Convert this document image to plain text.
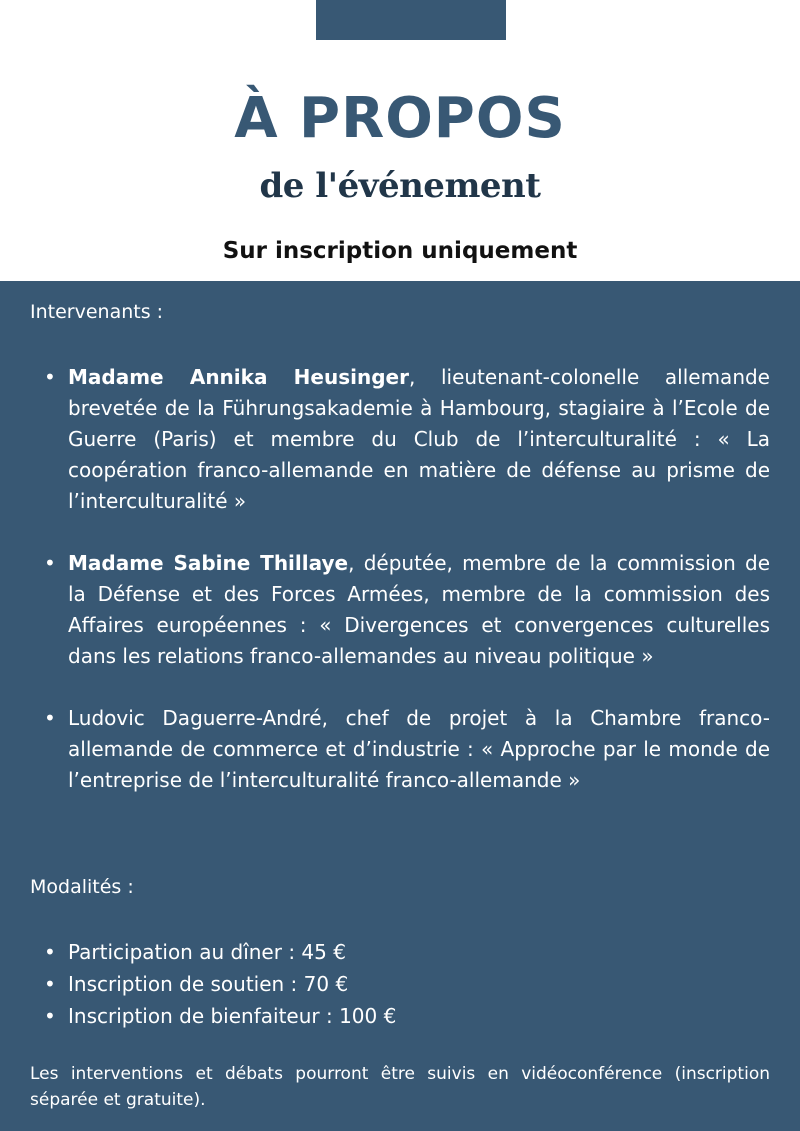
À PROPOS
de l'événement

Sur inscription uniquement

Intervenants :

• Madame Annika Heusinger, lieutenant-colonelle allemande brevetée de la Führungsakademie à Hambourg, stagiaire à l’Ecole de Guerre (Paris) et membre du Club de l’interculturalité : « La coopération franco-allemande en matière de défense au prisme de l’interculturalité »
• Madame Sabine Thillaye, députée, membre de la commission de la Défense et des Forces Armées, membre de la commission des Affaires européennes : « Divergences et convergences culturelles dans les relations franco-allemandes au niveau politique »
• Ludovic Daguerre-André, chef de projet à la Chambre franco-allemande de commerce et d’industrie : « Approche par le monde de l’entreprise de l’interculturalité franco-allemande »

Modalités :

• Participation au dîner : 45 €
• Inscription de soutien : 70 €
• Inscription de bienfaiteur : 100 €

Les interventions et débats pourront être suivis en vidéoconférence (inscription séparée et gratuite).
